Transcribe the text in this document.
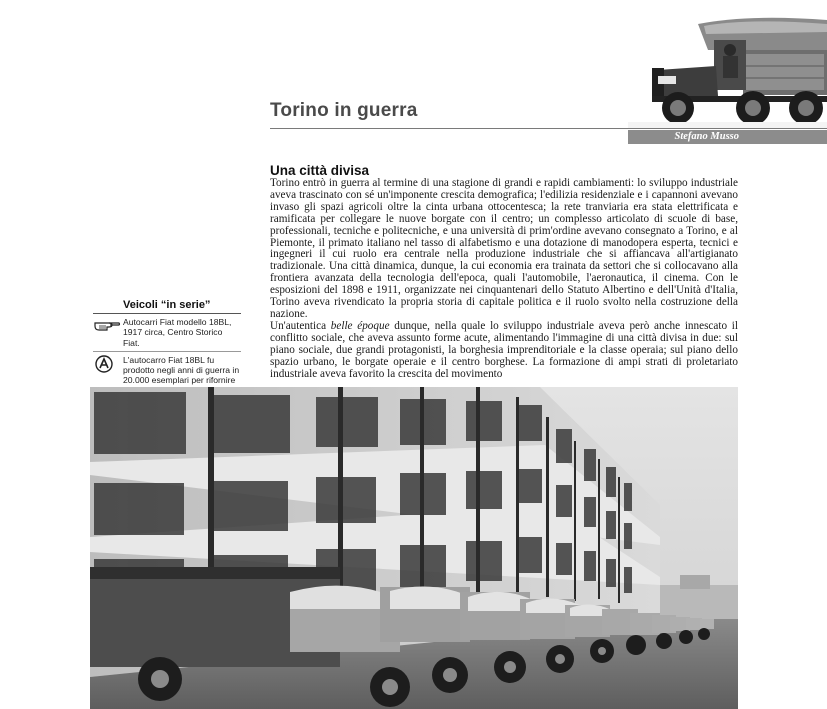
Torino in guerra
Stefano Musso
Una città divisa

Torino entrò in guerra al termine di una stagione di grandi e rapidi cambiamenti: lo sviluppo industriale aveva trascinato con sé un'imponente crescita demografica; l'edilizia residenziale e i capannoni avevano invaso gli spazi agricoli oltre la cinta urbana ottocentesca; la rete tranviaria era stata elettrificata e ramificata per collegare le nuove borgate con il centro; un complesso articolato di scuole di base, professionali, tecniche e politecniche, e una università di prim'ordine avevano consegnato a Torino, e al Piemonte, il primato italiano nel tasso di alfabetismo e una dotazione di manodopera esperta, tecnici e ingegneri il cui ruolo era centrale nella produzione industriale che si affiancava all'artigianato tradizionale. Una città dinamica, dunque, la cui economia era trainata da settori che si collocavano alla frontiera avanzata della tecnologia dell'epoca, quali l'automobile, l'aeronautica, il cinema. Con le esposizioni del 1898 e 1911, organizzate nei cinquantenari dello Statuto Albertino e dell'Unità d'Italia, Torino aveva rivendicato la propria storia di capitale politica e il ruolo svolto nella costruzione della nazione.

Un'autentica belle époque dunque, nella quale lo sviluppo industriale aveva però anche innescato il conflitto sociale, che aveva assunto forme acute, alimentando l'immagine di una città divisa in due: sul piano sociale, due grandi protagonisti, la borghesia imprenditoriale e la classe operaia; sul piano dello spazio urbano, le borgate operaie e il centro borghese. La formazione di ampi strati di proletariato industriale aveva favorito la crescita del movimento

Veicoli “in serie”
Autocarri Fiat modello 18BL, 1917 circa, Centro Storico Fiat.
L'autocarro Fiat 18BL fu prodotto negli anni di guerra in 20.000 esemplari per rifornire
